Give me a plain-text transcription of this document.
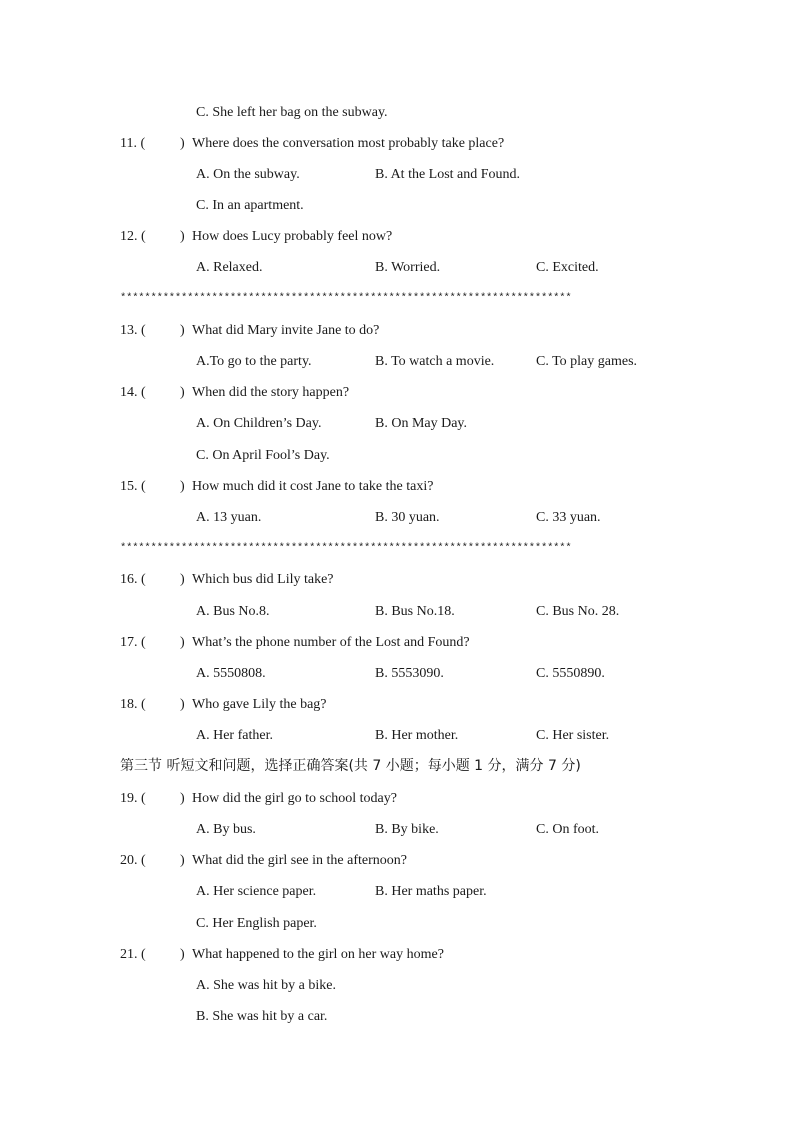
C. She left her bag on the subway.
11. ( ) Where does the conversation most probably take place?
A. On the subway.	B. At the Lost and Found.
C. In an apartment.
12. ( ) How does Lucy probably feel now?
A. Relaxed.	B. Worried.	C. Excited.
**************************************************************************
13. ( ) What did Mary invite Jane to do?
A.To go to the party.	B. To watch a movie.	C. To play games.
14. ( ) When did the story happen?
A. On Children’s Day.	B. On May Day.
C. On April Fool’s Day.
15. ( ) How much did it cost Jane to take the taxi?
A. 13 yuan.	B. 30 yuan.	C. 33 yuan.
**************************************************************************
16. ( ) Which bus did Lily take?
A. Bus No.8.	B. Bus No.18.	C. Bus No. 28.
17. ( ) What’s the phone number of the Lost and Found?
A. 5550808.	B. 5553090.	C. 5550890.
18. ( ) Who gave Lily the bag?
A. Her father.	B. Her mother.	C. Her sister.
第三节 听短文和问题，选择正确答案(共 7 小题；每小题 1 分，满分 7 分)
19. ( ) How did the girl go to school today?
A. By bus.	B. By bike.	C. On foot.
20. ( ) What did the girl see in the afternoon?
A. Her science paper.	B. Her maths paper.
C. Her English paper.
21. ( ) What happened to the girl on her way home?
A. She was hit by a bike.
B. She was hit by a car.
